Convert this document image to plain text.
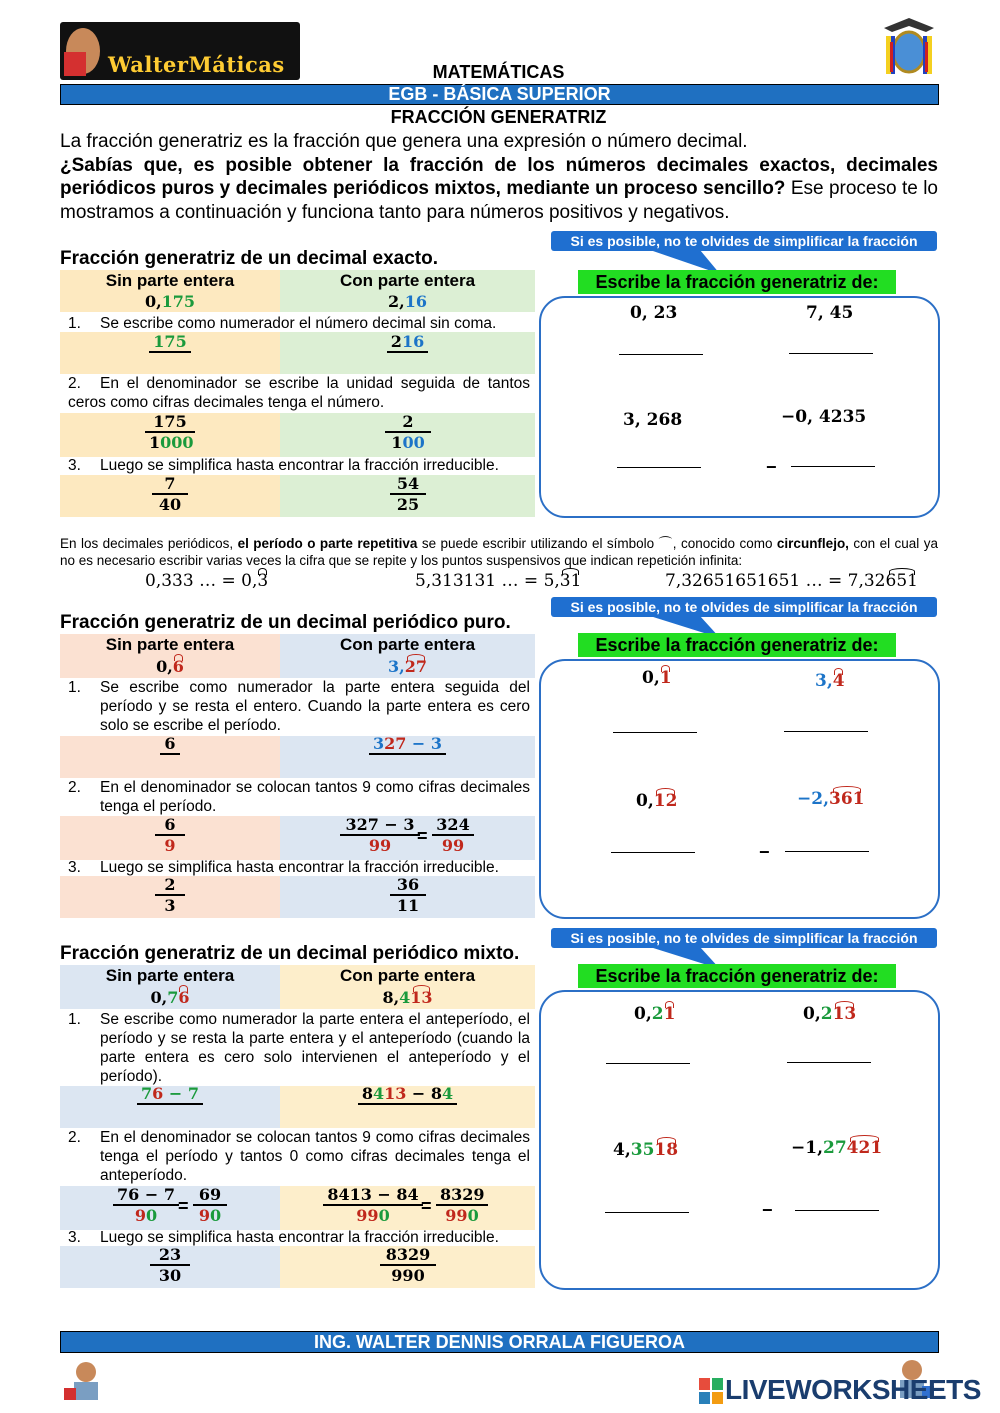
WalterMáticas	MATEMÁTICAS
EGB - BÁSICA SUPERIOR
FRACCIÓN GENERATRIZ
La fracción generatriz es la fracción que genera una expresión o número decimal.
¿Sabías que, es posible obtener la fracción de los números decimales exactos, decimales periódicos puros y decimales periódicos mixtos, mediante un proceso sencillo? Ese proceso te lo mostramos a continuación y funciona tanto para números positivos y negativos.
Si es posible, no te olvides de simplificar la fracción
Fracción generatriz de un decimal exacto.
Sin parte entera	Con parte entera
0,175	2,16
1. Se escribe como numerador el número decimal sin coma.
175	216
2. En el denominador se escribe la unidad seguida de tantos ceros como cifras decimales tenga el número.
$\frac{175}{1000}$	$\frac{2}{100}$
3. Luego se simplifica hasta encontrar la fracción irreducible.
$\frac{7}{40}$	$\frac{54}{25}$
Escribe la fracción generatriz de:
0, 23	7, 45
3, 268	−0, 4235
−
En los decimales periódicos, el período o parte repetitiva se puede escribir utilizando el símbolo ⌒, conocido como circunflejo, con el cual ya no es necesario escribir varias veces la cifra que se repite y los puntos suspensivos que indican repetición infinita:
0,333 … = 0,3	5,313131 … = 5,31	7,32651651651 … = 7,32651
Si es posible, no te olvides de simplificar la fracción
Fracción generatriz de un decimal periódico puro.
Sin parte entera	Con parte entera
0,6	3,27
1.	Se escribe como numerador la parte entera seguida del período y se resta el entero. Cuando la parte entera es cero solo se escribe el período.
6	327 − 3
2.	En el denominador se colocan tantos 9 como cifras decimales tenga el período.
$\frac{6}{9}$	$\frac{327 - 3}{99}$
= $\frac{324}{99}$
3. Luego se simplifica hasta encontrar la fracción irreducible.
$\frac{2}{3}$	$\frac{36}{11}$
Escribe la fracción generatriz de:
0,1	3,4
0,12	−2,361
−
Si es posible, no te olvides de simplificar la fracción
Fracción generatriz de un decimal periódico mixto.
Sin parte entera	Con parte entera
0,76	8,413
1.	Se escribe como numerador la parte entera el anteperíodo, el período y se resta la parte entera y el anteperíodo (cuando la parte entera es cero solo intervienen el anteperíodo y el período).
76 − 7	8413 − 84
2.	En el denominador se colocan tantos 9 como cifras decimales tenga el período y tantos 0 como cifras decimales tenga el anteperíodo.
$\frac{76 - 7}{90} = \frac{69}{90}$	$\frac{8413 - 84}{990}$
= $\frac{8329}{990}$
3. Luego se simplifica hasta encontrar la fracción irreducible.
$\frac{23}{30}$	$\frac{8329}{990}$
Escribe la fracción generatriz de:
0,21	0,213
4,3518	−1,27421
−
ING. WALTER DENNIS ORRALA FIGUEROA
LIVEWORKSHEETS
